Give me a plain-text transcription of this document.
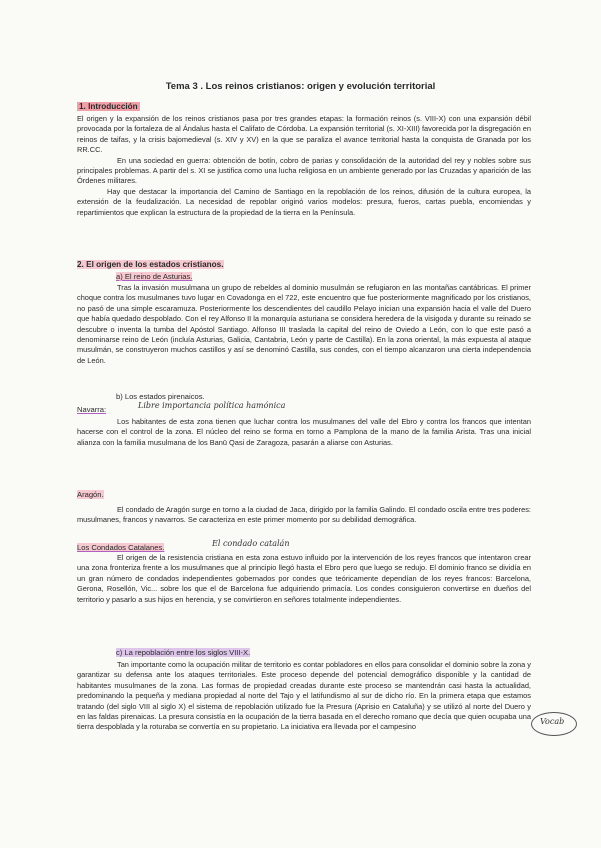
Tema 3 . Los reinos cristianos: origen y evolución territorial
1. Introducción

El origen y la expansión de los reinos cristianos pasa por tres grandes etapas: la formación reinos (s. VIII-X) con una expansión débil provocada por la fortaleza de al Ándalus hasta el Califato de Córdoba. La expansión territorial (s. XI-XIII) favorecida por la disgregación en reinos de taifas, y la crisis bajomedieval (s. XIV y XV) en la que se paraliza el avance territorial hasta la conquista de Granada por los RR.CC.

En una sociedad en guerra: obtención de botín, cobro de parias y consolidación de la autoridad del rey y nobles sobre sus principales problemas. A partir del s. XI se justifica como una lucha religiosa en un ambiente generado por las Cruzadas y aparición de las Órdenes militares.

Hay que destacar la importancia del Camino de Santiago en la repoblación de los reinos, difusión de la cultura europea, la extensión de la feudalización. La necesidad de repoblar originó varios modelos: presura, fueros, cartas puebla, encomiendas y repartimientos que explican la estructura de la propiedad de la tierra en la Península.

2. El origen de los estados cristianos.
a) El reino de Asturias.

Tras la invasión musulmana un grupo de rebeldes al dominio musulmán se refugiaron en las montañas cantábricas. El primer choque contra los musulmanes tuvo lugar en Covadonga en el 722, este encuentro que fue posteriormente magnificado por los cristianos, no pasó de una simple escaramuza. Posteriormente los descendientes del caudillo Pelayo inician una expansión hacia el valle del Duero que había quedado despoblado. Con el rey Alfonso II la monarquía asturiana se considera heredera de la visigoda y durante su reinado se descubre o inventa la tumba del Apóstol Santiago. Alfonso III traslada la capital del reino de Oviedo a León, con lo que este pasó a denominarse reino de León (incluía Asturias, Galicia, Cantabria, León y parte de Castilla). En la zona oriental, la más expuesta al ataque musulmán, se construyeron muchos castillos y así se denominó Castilla, sus condes, con el tiempo alcanzaron una cierta independencia de León.

b) Los estados pirenaicos.
Navarra:	Libre importancia política hamónica

Los habitantes de esta zona tienen que luchar contra los musulmanes del valle del Ebro y contra los francos que intentan hacerse con el control de la zona. El núcleo del reino se forma en torno a Pamplona de la mano de la familia Arista. Tras una inicial alianza con la familia musulmana de los Banū Qasi de Zaragoza, pasarán a aliarse con Asturias.

Aragón.

El condado de Aragón surge en torno a la ciudad de Jaca, dirigido por la familia Galindo. El condado oscila entre tres poderes: musulmanes, francos y navarros. Se caracteriza en este primer momento por su debilidad demográfica.

Los Condados Catalanes.	El condado catalán

El origen de la resistencia cristiana en esta zona estuvo influido por la intervención de los reyes francos que intentaron crear una zona fronteriza frente a los musulmanes que al principio llegó hasta el Ebro pero que luego se redujo. El dominio franco se dividía en un gran número de condados independientes gobernados por condes que teóricamente dependían de los reyes francos: Barcelona, Gerona, Rosellón, Vic... sobre los que el de Barcelona fue adquiriendo primacía. Los condes consiguieron convertirse en dueños del territorio y pasarlo a sus hijos en herencia, y se convirtieron en señores totalmente independientes.

c) La repoblación entre los siglos VIII-X.

Tan importante como la ocupación militar de territorio es contar pobladores en ellos para consolidar el dominio sobre la zona y garantizar su defensa ante los ataques territoriales. Este proceso depende del potencial demográfico disponible y la cantidad de habitantes musulmanes de la zona. Las formas de propiedad creadas durante este proceso se mantendrán casi hasta la actualidad, predominando la pequeña y mediana propiedad al norte del Tajo y el latifundismo al sur de dicho río. En la primera etapa que estamos tratando (del siglo VIII al siglo X) el sistema de repoblación utilizado fue la Presura (Aprisio en Cataluña) y se utilizó al norte del Duero y en las faldas pirenaicas. La presura consistía en la ocupación de la tierra basada en el derecho romano que decía que quien ocupaba una tierra despoblada y la roturaba se convertía en su propietario. La iniciativa era llevada por el campesino

Vocab
